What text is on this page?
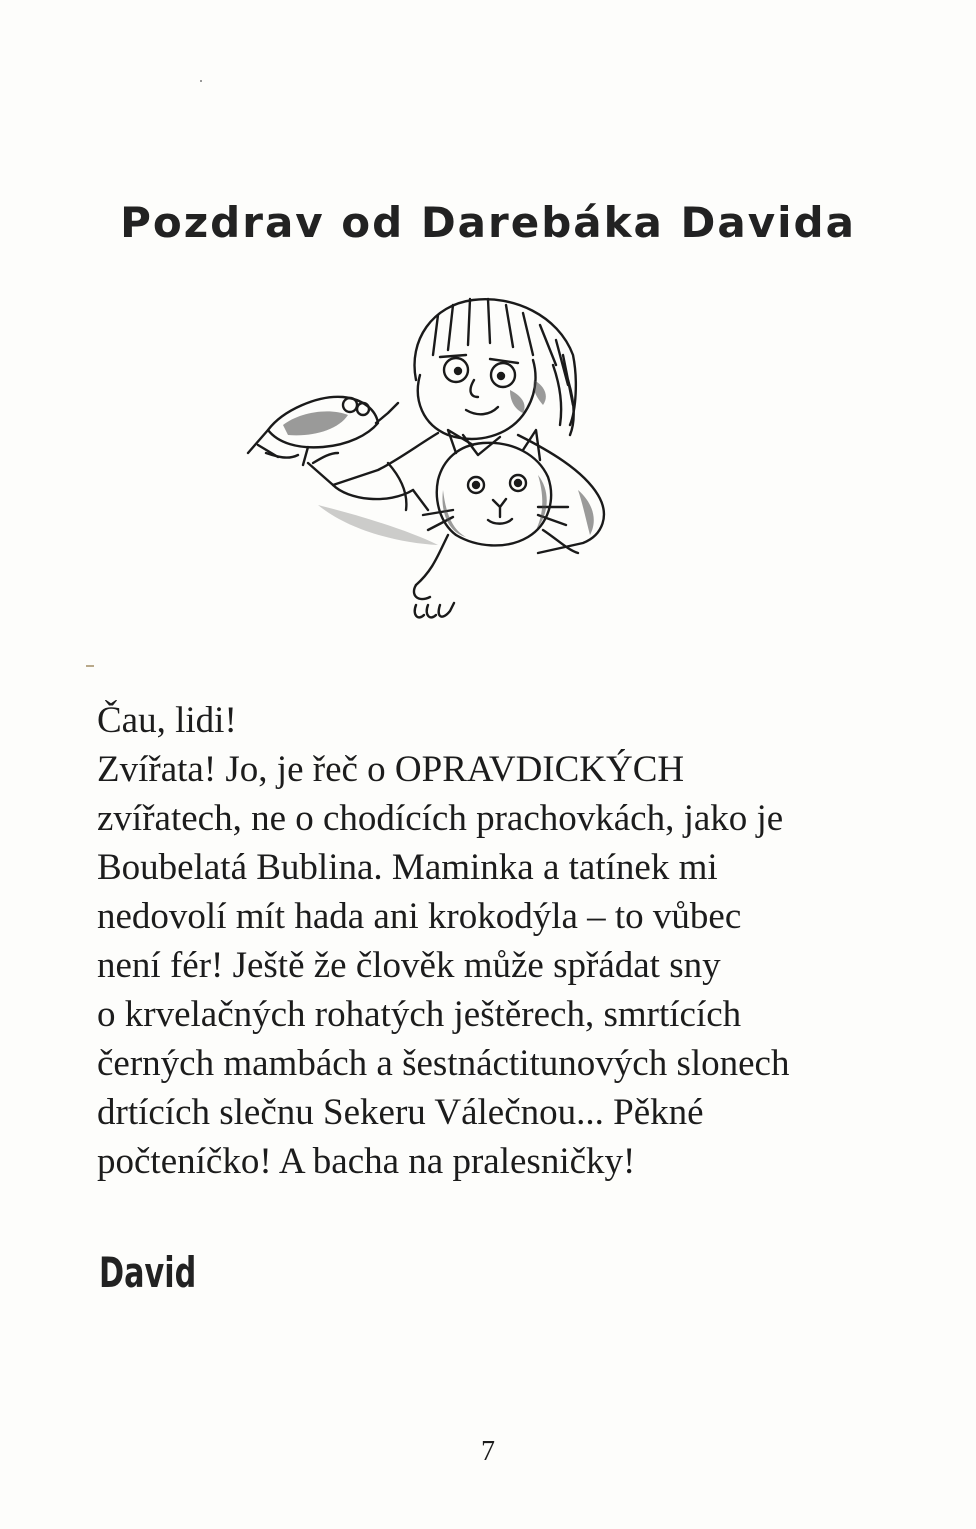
Pozdrav od Darebáka Davida
Čau, lidi!
Zvířata! Jo, je řeč o OPRAVDICKÝCH
zvířatech, ne o chodících prachovkách, jako je
Boubelatá Bublina. Maminka a tatínek mi
nedovolí mít hada ani krokodýla – to vůbec
není fér! Ještě že člověk může spřádat sny
o krvelačných rohatých ještěrech, smrtících
černých mambách a šestnáctitunových slonech
drtících slečnu Sekeru Válečnou... Pěkné
počteníčko! A bacha na pralesničky!

David

7
